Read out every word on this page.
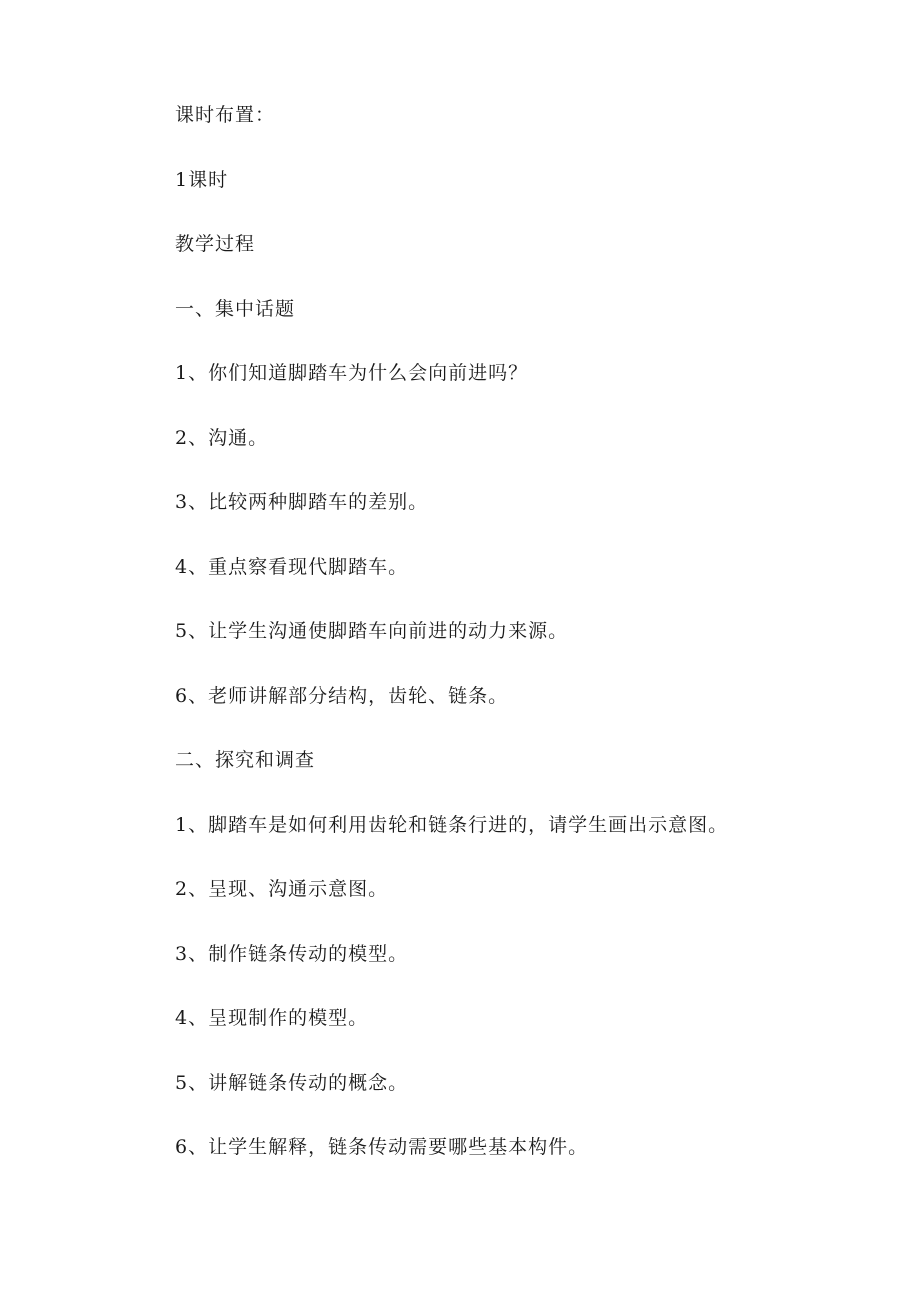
课时布置：
1课时
教学过程
一、集中话题
1、你们知道脚踏车为什么会向前进吗？
2、沟通。
3、比较两种脚踏车的差别。
4、重点察看现代脚踏车。
5、让学生沟通使脚踏车向前进的动力来源。
6、老师讲解部分结构，齿轮、链条。
二、探究和调查
1、脚踏车是如何利用齿轮和链条行进的，请学生画出示意图。
2、呈现、沟通示意图。
3、制作链条传动的模型。
4、呈现制作的模型。
5、讲解链条传动的概念。
6、让学生解释，链条传动需要哪些基本构件。
